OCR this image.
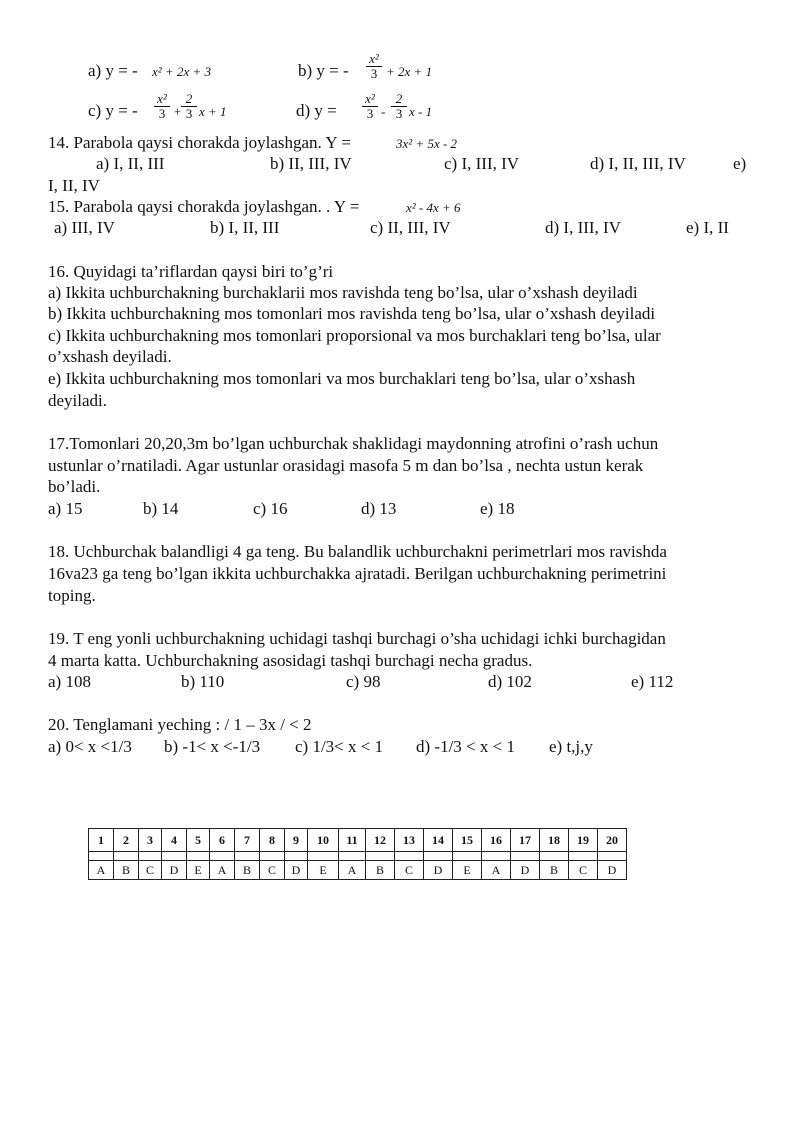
a) y = - x² + 2x + 3	b) y = - $\frac{\text{x²}}{3} + 2x + 1$
c) y = - $\frac{\text{x²}}{3} + \frac{2}{3}$ x + 1	d) $y = \frac{\text{x²}}{3} - \frac{2}{3}$ x - 1
14. Parabola qaysi chorakda joylashgan. Y =	3x² + 5x - 2
a) I, II, III	b) II, III, IV	c) I, III, IV	d) I, II, III, IV	e)
I, II, IV
15. Parabola qaysi chorakda joylashgan. . Y =	x² - 4x + 6
a) III, IV	b) I, II, III	c) II, III, IV	d) I, III, IV	e) I, II
16. Quyidagi ta’riflardan qaysi biri to’g’ri
a) Ikkita uchburchakning burchaklarii mos ravishda teng bo’lsa, ular o’xshash deyiladi
b) Ikkita uchburchakning mos tomonlari mos ravishda teng bo’lsa, ular o’xshash deyiladi
c) Ikkita uchburchakning mos tomonlari proporsional va mos burchaklari teng bo’lsa, ular
o’xshash deyiladi.
e) Ikkita uchburchakning mos tomonlari va mos burchaklari teng bo’lsa, ular o’xshash
deyiladi.
17.Tomonlari 20,20,3m bo’lgan uchburchak shaklidagi maydonning atrofini o’rash uchun
ustunlar o’rnatiladi. Agar ustunlar orasidagi masofa 5 m dan bo’lsa , nechta ustun kerak
bo’ladi.
a) 15	b) 14	c) 16	d) 13	e) 18
18. Uchburchak balandligi 4 ga teng. Bu balandlik uchburchakni perimetrlari mos ravishda
16va23 ga teng bo’lgan ikkita uchburchakka ajratadi. Berilgan uchburchakning perimetrini
toping.
19. T eng yonli uchburchakning uchidagi tashqi burchagi o’sha uchidagi ichki burchagidan
4 marta katta. Uchburchakning asosidagi tashqi burchagi necha gradus.
a) 108	b) 110	c) 98	d) 102	e) 112
20. Tenglamani yeching : / 1 – 3x / < 2
a) 0< x <1/3 b) -1< x <-1/3 c) 1/3< x < 1 d) -1/3 < x < 1 e) t,j,y
1	2	3	4	5	6	7	8	9	10	11	12	13	14	15	16	17	18	19	20

A	B	C	D	E	A	B	C	D	E	A	B	C	D	E	A	D	B	C	D
